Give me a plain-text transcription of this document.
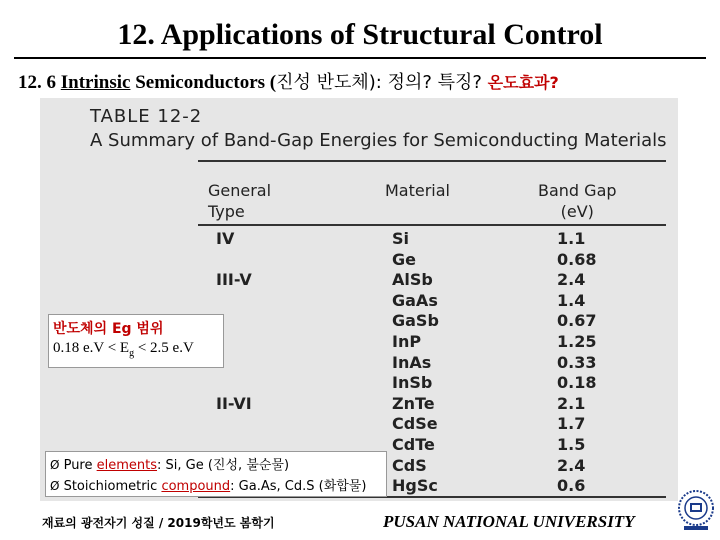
12. Applications of Structural Control
12. 6 Intrinsic Semiconductors (진성 반도체): 정의? 특징? 온도효과?
TABLE 12-2
A Summary of Band-Gap Energies for Semiconducting Materials
General
Type
Material	Band Gap
(eV)
IV	Si	1.1
Ge	0.68
III-V	AlSb	2.4
GaAs	1.4
GaSb	0.67
InP	1.25
InAs	0.33
InSb	0.18
II-VI	ZnTe	2.1
CdSe	1.7
CdTe	1.5
CdS	2.4
HgSc	0.6
반도체의 Eg 범위
0.18 $e.V < E_g < 2.5$ e.V
Ø Pure elements: Si, Ge (진성, 불순물)
Ø Stoichiometric compound: Ga.As, Cd.S (화합물)
재료의 광전자기 성질 / 2019학년도 봄학기	PUSAN NATIONAL UNIVERSITY
